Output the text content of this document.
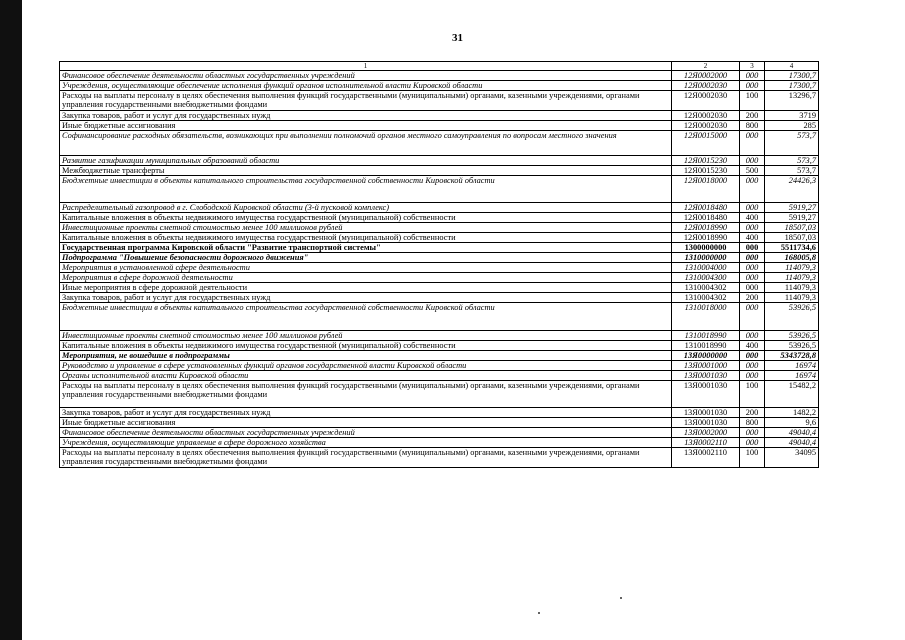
31
1	2	3	4
Финансовое обеспечение деятельности областных государственных учреждений	12Я0002000	000	17300,7
Учреждения, осуществляющие обеспечение исполнения функций органов исполнительной власти Кировской области	12Я0002030	000	17300,7
Расходы на выплаты персоналу в целях обеспечения выполнения функций государственными (муниципальными) органами, казенными учреждениями, органами управления государственными внебюджетными фондами	12Я0002030	100	13296,7
Закупка товаров, работ и услуг для государственных нужд	12Я0002030	200	3719
Иные бюджетные ассигнования	12Я0002030	800	285
Софинансирование расходных обязательств, возникающих при выполнении полномочий органов местного самоуправления по вопросам местного значения	12Я0015000	000	573,7
Развитие газификации муниципальных образований области	12Я0015230	000	573,7
Межбюджетные трансферты	12Я0015230	500	573,7
Бюджетные инвестиции в объекты капитального строительства государственной собственности Кировской области	12Я0018000	000	24426,3
Распределительный газопровод в г. Слободской Кировской области (3-й пусковой комплекс)	12Я0018480	000	5919,27
Капитальные вложения в объекты недвижимого имущества государственной (муниципальной) собственности	12Я0018480	400	5919,27
Инвестиционные проекты сметной стоимостью менее 100 миллионов рублей	12Я0018990	000	18507,03
Капитальные вложения в объекты недвижимого имущества государственной (муниципальной) собственности	12Я0018990	400	18507,03
Государственная программа Кировской области "Развитие транспортной системы"	1300000000	000	5511734,6
Подпрограмма "Повышение безопасности дорожного движения"	1310000000	000	168005,8
Мероприятия в установленной сфере деятельности	1310004000	000	114079,3
Мероприятия в сфере дорожной деятельности	1310004300	000	114079,3
Иные мероприятия в сфере дорожной деятельности	1310004302	000	114079,3
Закупка товаров, работ и услуг для государственных нужд	1310004302	200	114079,3
Бюджетные инвестиции в объекты капитального строительства государственной собственности Кировской области	1310018000	000	53926,5
Инвестиционные проекты сметной стоимостью менее 100 миллионов рублей	1310018990	000	53926,5
Капитальные вложения в объекты недвижимого имущества государственной (муниципальной) собственности	1310018990	400	53926,5
Мероприятия, не вошедшие в подпрограммы	13Я0000000	000	5343728,8
Руководство и управление в сфере установленных функций органов государственной власти Кировской области	13Я0001000	000	16974
Органы исполнительной власти Кировской области	13Я0001030	000	16974
Расходы на выплаты персоналу в целях обеспечения выполнения функций государственными (муниципальными) органами, казенными учреждениями, органами управления государственными внебюджетными фондами	13Я0001030	100	15482,2
Закупка товаров, работ и услуг для государственных нужд	13Я0001030	200	1482,2
Иные бюджетные ассигнования	13Я0001030	800	9,6
Финансовое обеспечение деятельности областных государственных учреждений	13Я0002000	000	49040,4
Учреждения, осуществляющие управление в сфере дорожного хозяйства	13Я0002110	000	49040,4
Расходы на выплаты персоналу в целях обеспечения выполнения функций государственными (муниципальными) органами, казенными учреждениями, органами управления государственными внебюджетными фондами	13Я0002110	100	34095
